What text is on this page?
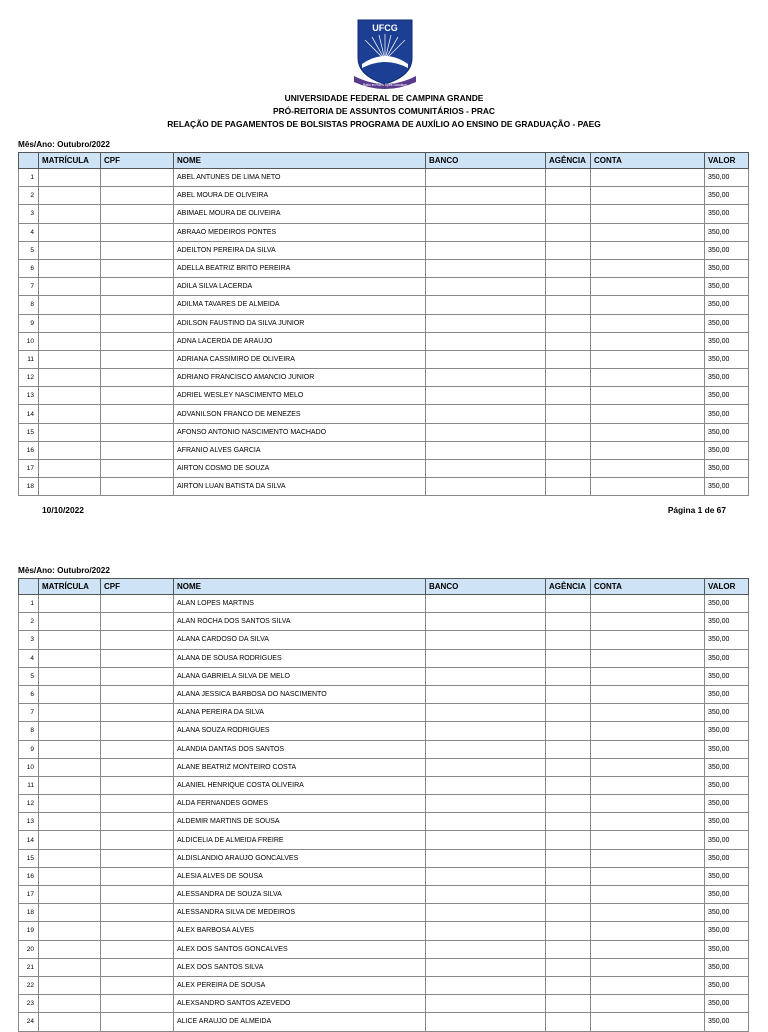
UFCG
Ratio et Fides Spes Gaudium
UNIVERSIDADE FEDERAL DE CAMPINA GRANDE
PRÓ-REITORIA DE ASSUNTOS COMUNITÁRIOS - PRAC
RELAÇÃO DE PAGAMENTOS DE BOLSISTAS PROGRAMA DE AUXÍLIO AO ENSINO DE GRADUAÇÃO - PAEG
Mês/Ano: Outubro/2022
	MATRÍCULA	CPF	NOME	BANCO	AGÊNCIA	CONTA	VALOR
1			ABEL ANTUNES DE LIMA NETO				350,00
2			ABEL MOURA DE OLIVEIRA				350,00
3			ABIMAEL MOURA DE OLIVEIRA				350,00
4			ABRAAO MEDEIROS PONTES				350,00
5			ADEILTON PEREIRA DA SILVA				350,00
6			ADELLA BEATRIZ BRITO PEREIRA				350,00
7			ADILA SILVA LACERDA				350,00
8			ADILMA TAVARES DE ALMEIDA				350,00
9			ADILSON FAUSTINO DA SILVA JUNIOR				350,00
10			ADNA LACERDA DE ARAUJO				350,00
11			ADRIANA CASSIMIRO DE OLIVEIRA				350,00
12			ADRIANO FRANCISCO AMANCIO JUNIOR				350,00
13			ADRIEL WESLEY NASCIMENTO MELO				350,00
14			ADVANILSON FRANCO DE MENEZES				350,00
15			AFONSO ANTONIO NASCIMENTO MACHADO				350,00
16			AFRANIO ALVES GARCIA				350,00
17			AIRTON COSMO DE SOUZA				350,00
18			AIRTON LUAN BATISTA DA SILVA				350,00
10/10/2022	Página 1 de 67
Mês/Ano: Outubro/2022
	MATRÍCULA	CPF	NOME	BANCO	AGÊNCIA	CONTA	VALOR
1			ALAN LOPES MARTINS				350,00
2			ALAN ROCHA DOS SANTOS SILVA				350,00
3			ALANA CARDOSO DA SILVA				350,00
4			ALANA DE SOUSA RODRIGUES				350,00
5			ALANA GABRIELA SILVA DE MELO				350,00
6			ALANA JESSICA BARBOSA DO NASCIMENTO				350,00
7			ALANA PEREIRA DA SILVA				350,00
8			ALANA SOUZA RODRIGUES				350,00
9			ALANDIA DANTAS DOS SANTOS				350,00
10			ALANE BEATRIZ MONTEIRO COSTA				350,00
11			ALANIEL HENRIQUE COSTA OLIVEIRA				350,00
12			ALDA FERNANDES GOMES				350,00
13			ALDEMIR MARTINS DE SOUSA				350,00
14			ALDICELIA DE ALMEIDA FREIRE				350,00
15			ALDISLANDIO ARAUJO GONCALVES				350,00
16			ALESIA ALVES DE SOUSA				350,00
17			ALESSANDRA DE SOUZA SILVA				350,00
18			ALESSANDRA SILVA DE MEDEIROS				350,00
19			ALEX BARBOSA ALVES				350,00
20			ALEX DOS SANTOS GONCALVES				350,00
21			ALEX DOS SANTOS SILVA				350,00
22			ALEX PEREIRA DE SOUSA				350,00
23			ALEXSANDRO SANTOS AZEVEDO				350,00
24			ALICE ARAUJO DE ALMEIDA				350,00
